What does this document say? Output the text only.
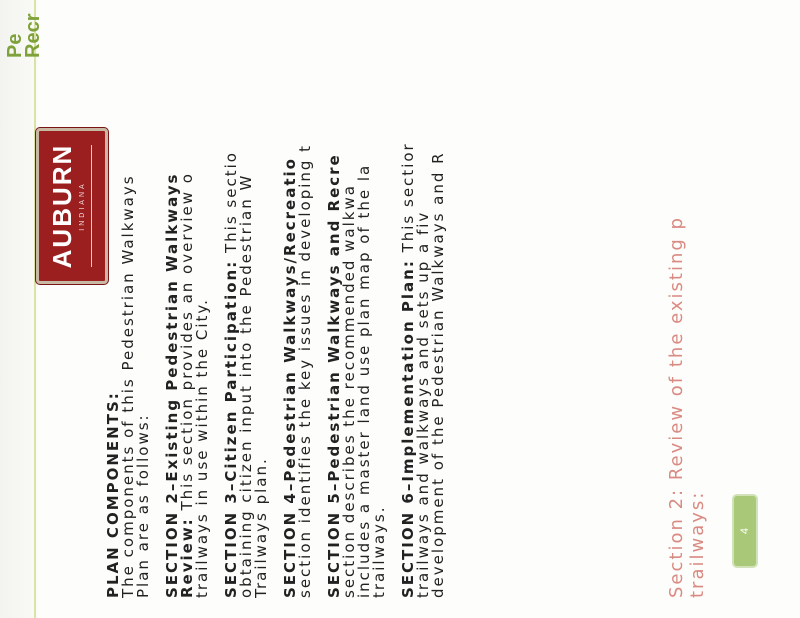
Recr
Pe
AUBURN INDIANA

PLAN COMPONENTS:

The components of this Pedestrian Walkways
Plan are as follows: SECTION 2–Existing Pedestrian Walkways
Review: This section provides an overview o
trailways in use within the City. SECTION 3–Citizen Participation: This sectio
obtaining citizen input into the Pedestrian W
Trailways plan. SECTION 4–Pedestrian Walkways/Recreatio
section identifies the key issues in developing t SECTION 5–Pedestrian Walkways and Recre
section describes the recommended walkwa
includes a master land use plan map of the la
trailways. SECTION 6–Implementation Plan: This sectior
trailways and walkways and sets up a fiv
development of the Pedestrian Walkways and R	Section 2: Review of the existing p
trailways:	4
